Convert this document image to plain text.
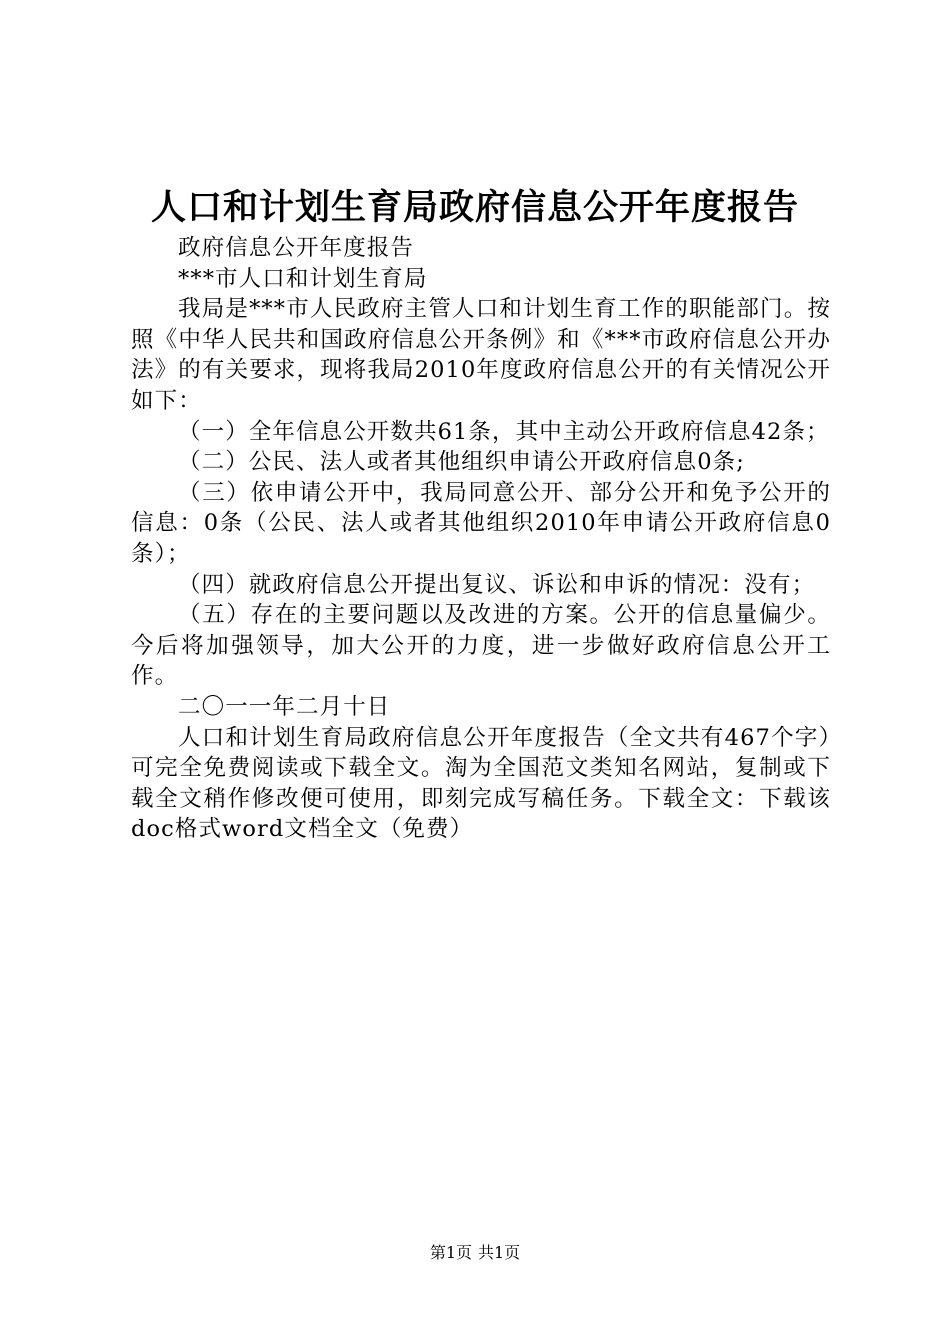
人口和计划生育局政府信息公开年度报告

政府信息公开年度报告

***市人口和计划生育局

我局是***市人民政府主管人口和计划生育工作的职能部门。按照《中华人民共和国政府信息公开条例》和《***市政府信息公开办法》的有关要求，现将我局2010年度政府信息公开的有关情况公开如下：

（一）全年信息公开数共61条，其中主动公开政府信息42条；

（二）公民、法人或者其他组织申请公开政府信息0条;

（三）依申请公开中，我局同意公开、部分公开和免予公开的信息：0条（公民、法人或者其他组织2010年申请公开政府信息0条）；

（四）就政府信息公开提出复议、诉讼和申诉的情况：没有；

（五）存在的主要问题以及改进的方案。公开的信息量偏少。今后将加强领导，加大公开的力度，进一步做好政府信息公开工作。

二〇一一年二月十日

人口和计划生育局政府信息公开年度报告（全文共有467个字）可完全免费阅读或下载全文。淘为全国范文类知名网站，复制或下载全文稍作修改便可使用，即刻完成写稿任务。下载全文：下载该doc格式word文档全文（免费）

第1页 共1页
